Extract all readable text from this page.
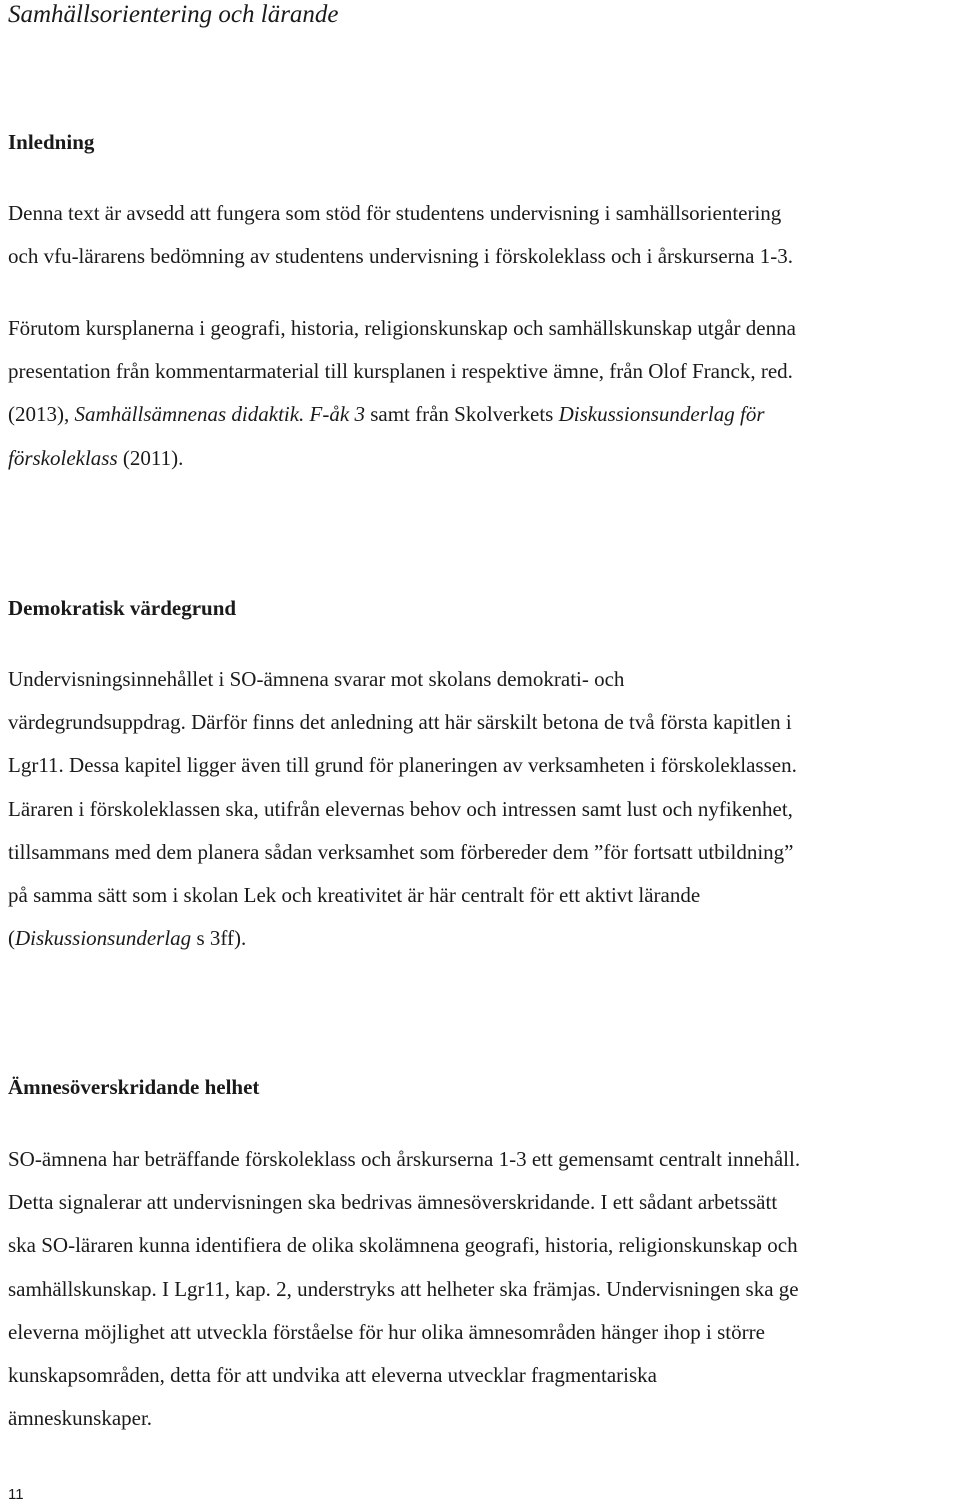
Samhällsorientering och lärande
Inledning

Denna text är avsedd att fungera som stöd för studentens undervisning i samhällsorientering
och vfu-lärarens bedömning av studentens undervisning i förskoleklass och i årskurserna 1-3.

Förutom kursplanerna i geografi, historia, religionskunskap och samhällskunskap utgår denna
presentation från kommentarmaterial till kursplanen i respektive ämne, från Olof Franck, red.
(2013), Samhällsämnenas didaktik. F-åk 3 samt från Skolverkets Diskussionsunderlag för
förskoleklass (2011).

Demokratisk värdegrund

Undervisningsinnehållet i SO-ämnena svarar mot skolans demokrati- och
värdegrundsuppdrag. Därför finns det anledning att här särskilt betona de två första kapitlen i
Lgr11. Dessa kapitel ligger även till grund för planeringen av verksamheten i förskoleklassen.
Läraren i förskoleklassen ska, utifrån elevernas behov och intressen samt lust och nyfikenhet,
tillsammans med dem planera sådan verksamhet som förbereder dem ”för fortsatt utbildning”
på samma sätt som i skolan Lek och kreativitet är här centralt för ett aktivt lärande
(Diskussionsunderlag s 3ff).

Ämnesöverskridande helhet

SO-ämnena har beträffande förskoleklass och årskurserna 1-3 ett gemensamt centralt innehåll.
Detta signalerar att undervisningen ska bedrivas ämnesöverskridande. I ett sådant arbetssätt
ska SO-läraren kunna identifiera de olika skolämnena geografi, historia, religionskunskap och
samhällskunskap. I Lgr11, kap. 2, understryks att helheter ska främjas. Undervisningen ska ge
eleverna möjlighet att utveckla förståelse för hur olika ämnesområden hänger ihop i större
kunskapsområden, detta för att undvika att eleverna utvecklar fragmentariska
ämneskunskaper.

11
